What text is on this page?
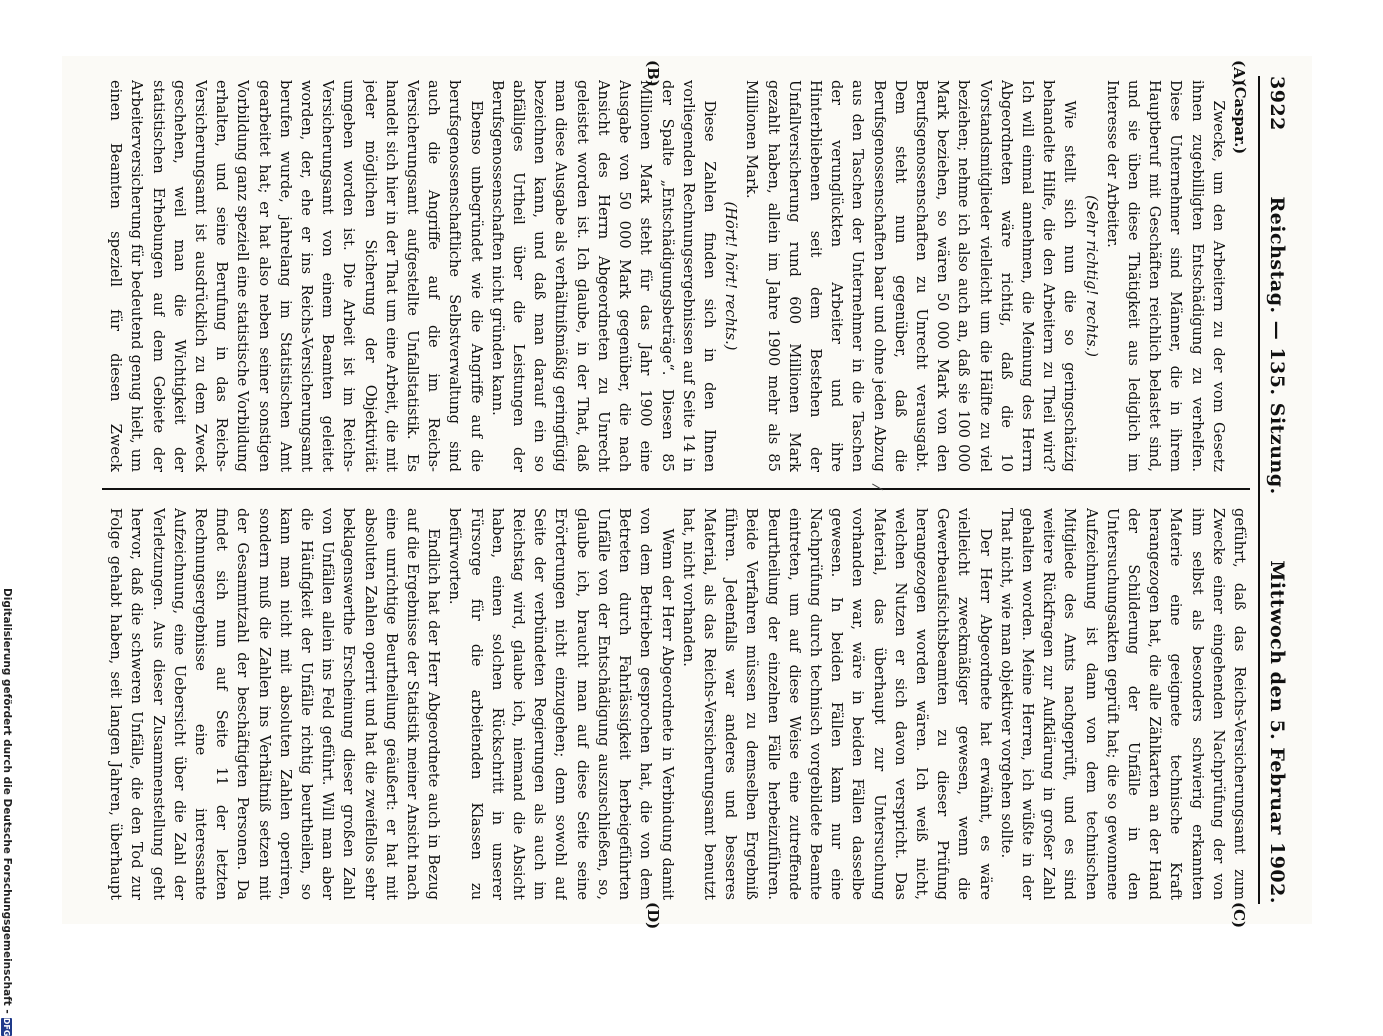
Digitalisierung gefördert durch die Deutsche Forschungsgemeinschaft -
DFG
3922
Reichstag. — 135. Sitzung.
Mittwoch den 5. Februar 1902.
(A)
(B)
(C)
(D)

(Caspar.)

Zwecke, um den Arbeitern zu der vom Gesetz ihnen zugebilligten Entschädigung zu verhelfen. Diese Unternehmer sind Männer, die in ihrem Hauptberuf mit Geschäften reichlich belastet sind, und sie üben diese Thätigkeit aus lediglich im Interesse der Arbeiter.

(Sehr richtig! rechts.)

Wie stellt sich nun die so geringschätzig behandelte Hilfe, die den Arbeitern zu Theil wird? Ich will einmal annehmen, die Meinung des Herrn Abgeordneten wäre richtig, daß die 10 Vorstandsmitglieder vielleicht um die Hälfte zu viel beziehen; nehme ich also auch an, daß sie 100 000 Mark beziehen, so wären 50 000 Mark von den Berufsgenossenschaften zu Unrecht verausgabt. Dem steht nun gegenüber, daß die Berufsgenossenschaften baar und ohne jeden Abzug aus den Taschen der Unternehmer in die Taschen der verunglückten Arbeiter und ihre Hinterbliebenen seit dem Bestehen der Unfallversicherung rund 600 Millionen Mark gezahlt haben, allein im Jahre 1900 mehr als 85 Millionen Mark.

(Hört! hört! rechts.)

Diese Zahlen finden sich in den Ihnen vorliegenden Rechnungsergebnissen auf Seite 14 in der Spalte „Entschädigungsbeträge“. Diesen 85 Millionen Mark steht für das Jahr 1900 eine Ausgabe von 50 000 Mark gegenüber, die nach Ansicht des Herrn Abgeordneten zu Unrecht geleistet worden ist. Ich glaube, in der That, daß man diese Ausgabe als verhältnißmäßig geringfügig bezeichnen kann, und daß man darauf ein so abfälliges Urtheil über die Leistungen der Berufsgenossenschaften nicht gründen kann.

Ebenso unbegründet wie die Angriffe auf die berufsgenossenschaftliche Selbstverwaltung sind auch die Angriffe auf die im Reichs-Versicherungsamt aufgestellte Unfallstatistik. Es handelt sich hier in der That um eine Arbeit, die mit jeder möglichen Sicherung der Objektivität umgeben worden ist. Die Arbeit ist im Reichs-Versicherungsamt von einem Beamten geleitet worden, der, ehe er ins Reichs-Versicherungsamt berufen wurde, jahrelang im Statistischen Amt gearbeitet hat; er hat also neben seiner sonstigen Vorbildung ganz speziell eine statistische Vorbildung erhalten, und seine Berufung in das Reichs-Versicherungsamt ist ausdrücklich zu dem Zweck geschehen, weil man die Wichtigkeit der statistischen Erhebungen auf dem Gebiete der Arbeiterversicherung für bedeutend genug hielt, um einen Beamten speziell für diesen Zweck

geführt, daß das Reichs-Versicherungsamt zum Zwecke einer eingehenden Nachprüfung der von ihm selbst als besonders schwierig erkannten Materie eine geeignete technische Kraft herangezogen hat, die alle Zählkarten an der Hand der Schilderung der Unfälle in den Untersuchungsakten geprüft hat; die so gewonnene Aufzeichnung ist dann von dem technischen Mitgliede des Amts nachgeprüft, und es sind weitere Rückfragen zur Aufklärung in großer Zahl gehalten worden. Meine Herren, ich wüßte in der That nicht, wie man objektiver vorgehen sollte.

Der Herr Abgeordnete hat erwähnt, es wäre vielleicht zweckmäßiger gewesen, wenn die Gewerbeaufsichtsbeamten zu dieser Prüfung herangezogen worden wären. Ich weiß nicht, welchen Nutzen er sich davon verspricht. Das Material, das überhaupt zur Untersuchung vorhanden war, wäre in beiden Fällen dasselbe gewesen. In beiden Fällen kann nur eine Nachprüfung durch technisch vorgebildete Beamte eintreten, um auf diese Weise eine zutreffende Beurtheilung der einzelnen Fälle herbeizuführen. Beide Verfahren müssen zu demselben Ergebniß führen. Jedenfalls war anderes und besseres Material, als das Reichs-Versicherungsamt benutzt hat, nicht vorhanden.

Wenn der Herr Abgeordnete in Verbindung damit von dem Betrieben gesprochen hat, die von dem Betreten durch Fahrlässigkeit herbeigeführten Unfälle von der Entschädigung auszuschließen, so, glaube ich, braucht man auf diese Seite seine Erörterungen nicht einzugehen; denn sowohl auf Seite der verbündeten Regierungen als auch im Reichstag wird, glaube ich, niemand die Absicht haben, einen solchen Rückschritt in unserer Fürsorge für die arbeitenden Klassen zu befürworten.

Endlich hat der Herr Abgeordnete auch in Bezug auf die Ergebnisse der Statistik meiner Ansicht nach eine unrichtige Beurtheilung geäußert: er hat mit absoluten Zahlen operirt und hat die zweifellos sehr beklagenswerthe Erscheinung dieser großen Zahl von Unfällen allein ins Feld geführt. Will man aber die Häufigkeit der Unfälle richtig beurtheilen, so kann man nicht mit absoluten Zahlen operiren, sondern muß die Zahlen ins Verhältniß setzen mit der Gesammtzahl der beschäftigten Personen. Da findet sich nun auf Seite 11 der letzten Rechnungsergebnisse eine interessante Aufzeichnung, eine Uebersicht über die Zahl der Verletzungen. Aus dieser Zusammenstellung geht hervor, daß die schweren Unfälle, die den Tod zur Folge gehabt haben, seit langen Jahren, überhaupt
